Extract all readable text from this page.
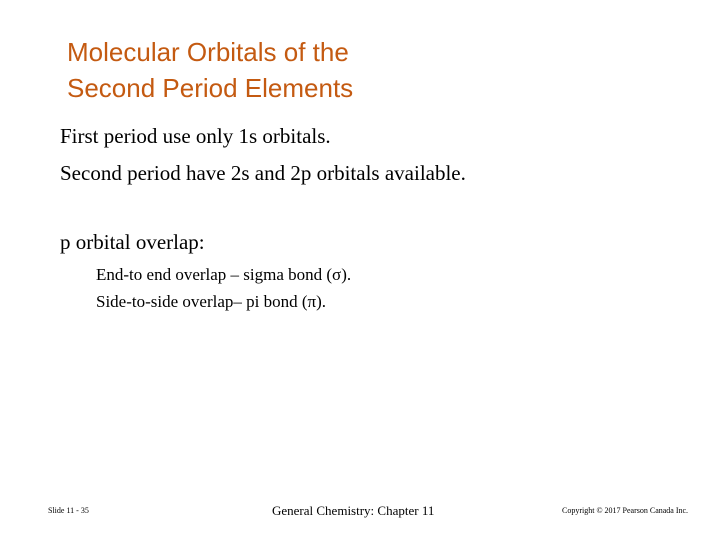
Molecular Orbitals of the
Second Period Elements
First period use only 1s orbitals.
Second period have 2s and 2p orbitals available.
p orbital overlap:
End-to end overlap – sigma bond (σ).
Side-to-side overlap– pi bond (π).
Slide 11 - 35	General Chemistry: Chapter 11	Copyright © 2017 Pearson Canada Inc.
